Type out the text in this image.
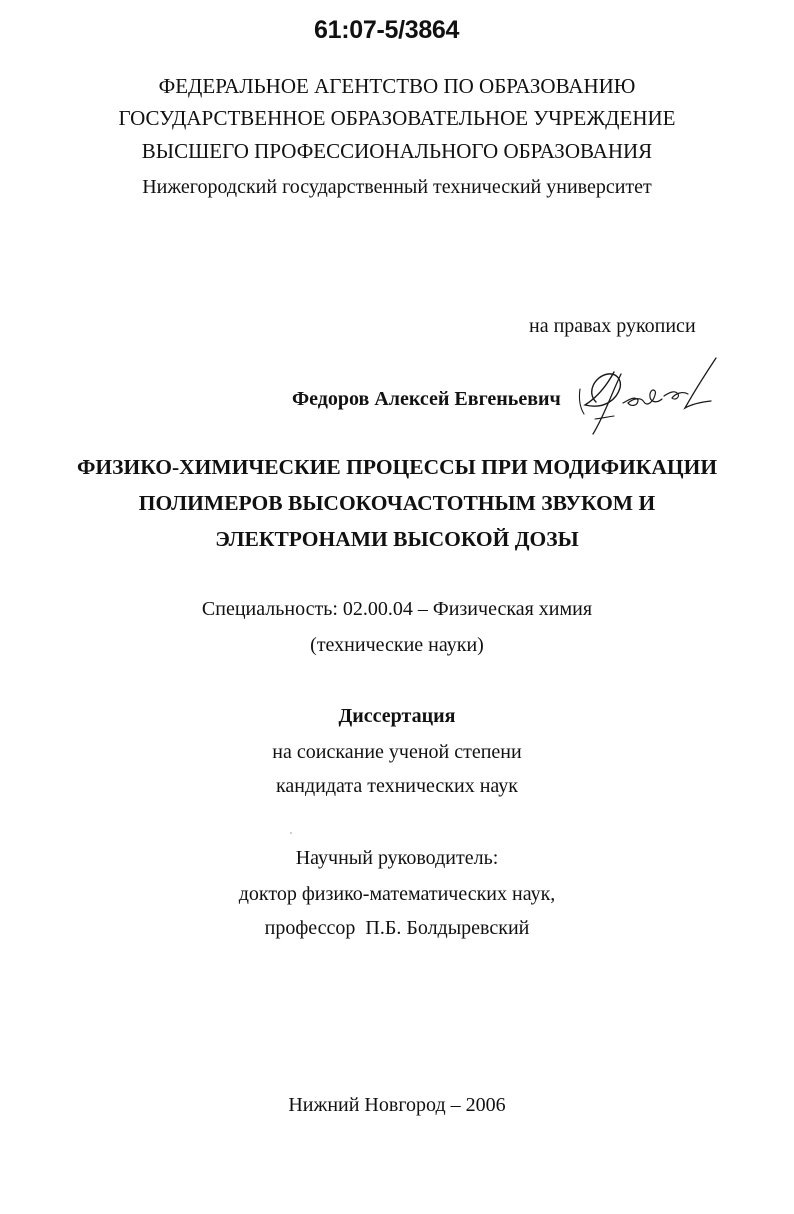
61:07-5/3864
ФЕДЕРАЛЬНОЕ АГЕНТСТВО ПО ОБРАЗОВАНИЮ
ГОСУДАРСТВЕННОЕ ОБРАЗОВАТЕЛЬНОЕ УЧРЕЖДЕНИЕ
ВЫСШЕГО ПРОФЕССИОНАЛЬНОГО ОБРАЗОВАНИЯ
Нижегородский государственный технический университет
на правах рукописи
Федоров Алексей Евгеньевич
ФИЗИКО-ХИМИЧЕСКИЕ ПРОЦЕССЫ ПРИ МОДИФИКАЦИИ
ПОЛИМЕРОВ ВЫСОКОЧАСТОТНЫМ ЗВУКОМ И
ЭЛЕКТРОНАМИ ВЫСОКОЙ ДОЗЫ
Специальность: 02.00.04 – Физическая химия
(технические науки)
Диссертация
на соискание ученой степени
кандидата технических наук
Научный руководитель:
доктор физико-математических наук,
профессор  П.Б. Болдыревский
Нижний Новгород – 2006
